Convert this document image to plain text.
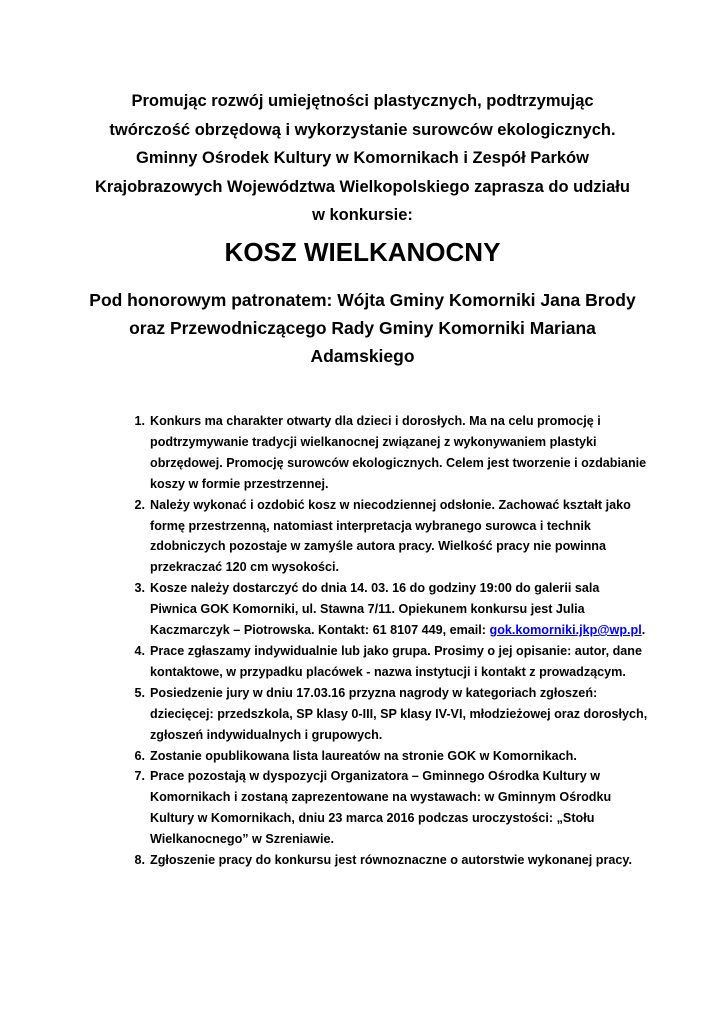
Promując rozwój umiejętności plastycznych, podtrzymując
twórczość obrzędową i wykorzystanie surowców ekologicznych.
Gminny Ośrodek Kultury w Komornikach i Zespół Parków
Krajobrazowych Województwa Wielkopolskiego zaprasza do udziału
w konkursie:
KOSZ WIELKANOCNY
Pod honorowym patronatem: Wójta Gminy Komorniki Jana Brody
oraz Przewodniczącego Rady Gminy Komorniki Mariana
Adamskiego
1. Konkurs ma charakter otwarty dla dzieci i dorosłych. Ma na celu promocję i podtrzymywanie tradycji wielkanocnej związanej z wykonywaniem plastyki obrzędowej. Promocję surowców ekologicznych. Celem jest tworzenie i ozdabianie koszy w formie przestrzennej.
2. Należy wykonać i ozdobić kosz w niecodziennej odsłonie. Zachować kształt jako formę przestrzenną, natomiast interpretacja wybranego surowca i technik zdobniczych pozostaje w zamyśle autora pracy. Wielkość pracy nie powinna przekraczać 120 cm wysokości.
3. Kosze należy dostarczyć do dnia 14. 03. 16 do godziny 19:00 do galerii sala Piwnica GOK Komorniki, ul. Stawna 7/11. Opiekunem konkursu jest Julia Kaczmarczyk – Piotrowska. Kontakt: 61 8107 449, email: gok.komorniki.jkp@wp.pl.
4. Prace zgłaszamy indywidualnie lub jako grupa. Prosimy o jej opisanie: autor, dane kontaktowe, w przypadku placówek - nazwa instytucji i kontakt z prowadzącym.
5. Posiedzenie jury w dniu 17.03.16 przyzna nagrody w kategoriach zgłoszeń: dziecięcej: przedszkola, SP klasy 0-III, SP klasy IV-VI, młodzieżowej oraz dorosłych, zgłoszeń indywidualnych i grupowych.
6. Zostanie opublikowana lista laureatów na stronie GOK w Komornikach.
7. Prace pozostają w dyspozycji Organizatora – Gminnego Ośrodka Kultury w Komornikach i zostaną zaprezentowane na wystawach: w Gminnym Ośrodku Kultury w Komornikach, dniu 23 marca 2016 podczas uroczystości: „Stołu Wielkanocnego” w Szreniawie.
8. Zgłoszenie pracy do konkursu jest równoznaczne o autorstwie wykonanej pracy.
